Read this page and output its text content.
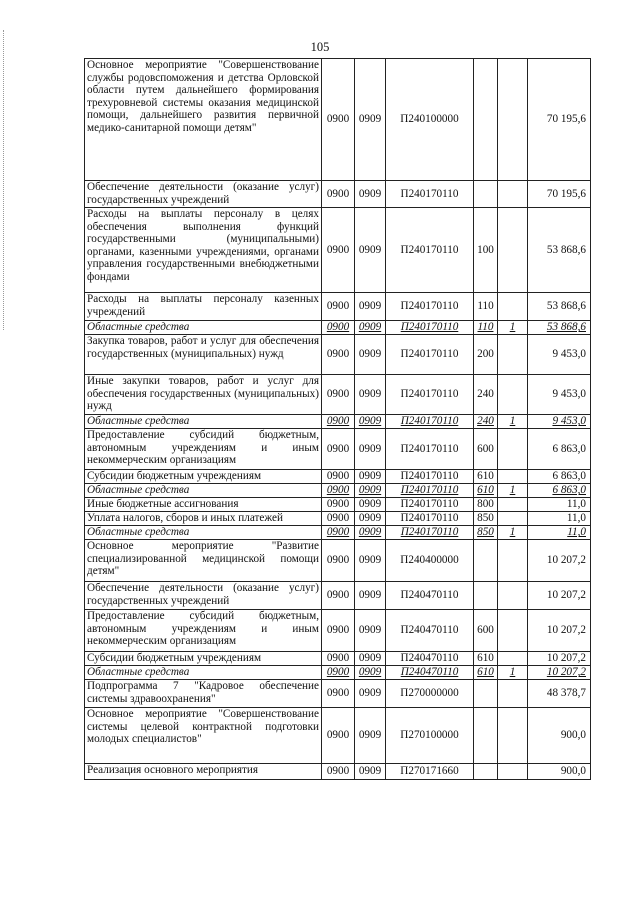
105
Основное мероприятие "Совершенствование службы родовспоможения и детства Орловской области путем дальнейшего формирования трехуровневой системы оказания медицинской помощи, дальнейшего развития первичной медико-санитарной помощи детям"	0900	0909	П240100000			70 195,6
Обеспечение деятельности (оказание услуг) государственных учреждений	0900	0909	П240170110			70 195,6
Расходы на выплаты персоналу в целях обеспечения выполнения функций государственными (муниципальными) органами, казенными учреждениями, органами управления государственными внебюджетными фондами	0900	0909	П240170110	100		53 868,6
Расходы на выплаты персоналу казенных учреждений	0900	0909	П240170110	110		53 868,6
Областные средства	0900	0909	П240170110	110	1	53 868,6
Закупка товаров, работ и услуг для обеспечения государственных (муниципальных) нужд	0900	0909	П240170110	200		9 453,0
Иные закупки товаров, работ и услуг для обеспечения государственных (муниципальных) нужд	0900	0909	П240170110	240		9 453,0
Областные средства	0900	0909	П240170110	240	1	9 453,0
Предоставление субсидий бюджетным, автономным учреждениям и иным некоммерческим организациям	0900	0909	П240170110	600		6 863,0
Субсидии бюджетным учреждениям	0900	0909	П240170110	610		6 863,0
Областные средства	0900	0909	П240170110	610	1	6 863,0
Иные бюджетные ассигнования	0900	0909	П240170110	800		11,0
Уплата налогов, сборов и иных платежей	0900	0909	П240170110	850		11,0
Областные средства	0900	0909	П240170110	850	1	11,0
Основное мероприятие "Развитие специализированной медицинской помощи детям"	0900	0909	П240400000			10 207,2
Обеспечение деятельности (оказание услуг) государственных учреждений	0900	0909	П240470110			10 207,2
Предоставление субсидий бюджетным, автономным учреждениям и иным некоммерческим организациям	0900	0909	П240470110	600		10 207,2
Субсидии бюджетным учреждениям	0900	0909	П240470110	610		10 207,2
Областные средства	0900	0909	П240470110	610	1	10 207,2
Подпрограмма 7 "Кадровое обеспечение системы здравоохранения"	0900	0909	П270000000			48 378,7
Основное мероприятие "Совершенствование системы целевой контрактной подготовки молодых специалистов"	0900	0909	П270100000			900,0
Реализация основного мероприятия	0900	0909	П270171660			900,0
